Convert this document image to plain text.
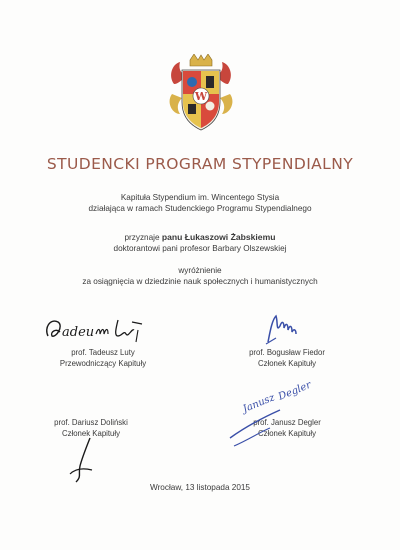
W
STUDENCKI PROGRAM STYPENDIALNY
Kapituła Stypendium im. Wincentego Stysia
działająca w ramach Studenckiego Programu Stypendialnego
przyznaje panu Łukaszowi Żabskiemu
doktorantowi pani profesor Barbary Olszewskiej
wyróżnienie
za osiągnięcia w dziedzinie nauk społecznych i humanistycznych
adeu
prof. Tadeusz Luty
Przewodniczący Kapituły
prof. Bogusław Fiedor
Członek Kapituły
prof. Dariusz Doliński
Członek Kapituły
Janusz
Degler
prof. Janusz Degler
Członek Kapituły
Wrocław, 13 listopada 2015
